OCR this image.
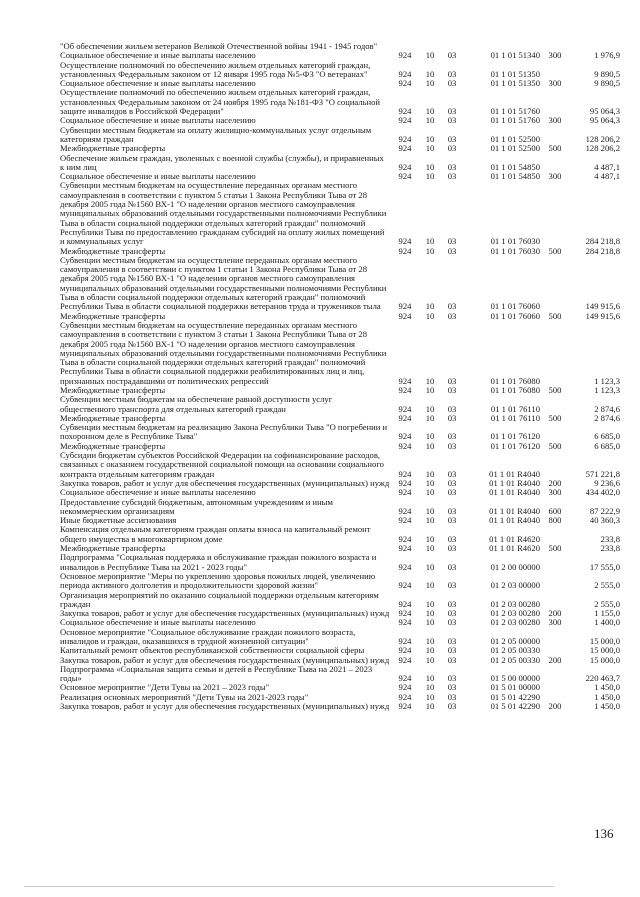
"Об обеспечении жильем ветеранов Великой Отечественной войны 1941 - 1945 годов"						
Социальное обеспечение и иные выплаты населению	924	10	03	01 1 01 51340	300	1 976,9
Осуществление полномочий по обеспечению жильем отдельных категорий граждан, установленных Федеральным законом от 12 января 1995 года №5-ФЗ "О ветеранах"	924	10	03	01 1 01 51350		9 890,5
Социальное обеспечение и иные выплаты населению	924	10	03	01 1 01 51350	300	9 890,5
Осуществление полномочий по обеспечению жильем отдельных категорий граждан, установленных Федеральным законом от 24 ноября 1995 года №181-ФЗ "О социальной защите инвалидов в Российской Федерации"	924	10	03	01 1 01 51760		95 064,3
Социальное обеспечение и иные выплаты населению	924	10	03	01 1 01 51760	300	95 064,3
Субвенции местным бюджетам на оплату жилищно-коммунальных услуг отдельным категориям граждан	924	10	03	01 1 01 52500		128 206,2
Межбюджетные трансферты	924	10	03	01 1 01 52500	500	128 206,2
Обеспечение жильем граждан, уволенных с военной службы (службы), и приравненных к ним лиц	924	10	03	01 1 01 54850		4 487,1
Социальное обеспечение и иные выплаты населению	924	10	03	01 1 01 54850	300	4 487,1
Субвенции местным бюджетам на осуществление переданных органам местного самоуправления в соответствии с пунктом 5 статьи 1 Закона Республики Тыва от 28 декабря 2005 года №1560 ВХ-1 "О наделении органов местного самоуправления муниципальных образований отдельными государственными полномочиями Республики Тыва в области социальной поддержки отдельных категорий граждан" полномочий Республики Тыва по предоставлению гражданам субсидий на оплату жилых помещений и коммунальных услуг	924	10	03	01 1 01 76030		284 218,8
Межбюджетные трансферты	924	10	03	01 1 01 76030	500	284 218,8
Субвенции местным бюджетам на осуществление переданных органам местного самоуправления в соответствии с пунктом 1 статьи 1 Закона Республики Тыва от 28 декабря 2005 года №1560 ВХ-1 "О наделении органов местного самоуправления муниципальных образований отдельными государственными полномочиями Республики Тыва в области социальной поддержки отдельных категорий граждан" полномочий Республики Тыва в области социальной поддержки ветеранов труда и тружеников тыла	924	10	03	01 1 01 76060		149 915,6
Межбюджетные трансферты	924	10	03	01 1 01 76060	500	149 915,6
Субвенции местным бюджетам на осуществление переданных органам местного самоуправления в соответствии с пунктом 3 статьи 1 Закона Республики Тыва от 28 декабря 2005 года №1560 ВХ-1 "О наделении органов местного самоуправления муниципальных образований отдельными государственными полномочиями Республики Тыва в области социальной поддержки отдельных категорий граждан" полномочий Республики Тыва в области социальной поддержки реабилитированных лиц и лиц, признанных пострадавшими от политических репрессий	924	10	03	01 1 01 76080		1 123,3
Межбюджетные трансферты	924	10	03	01 1 01 76080	500	1 123,3
Субвенции местным бюджетам на обеспечение равной доступности услуг общественного транспорта для отдельных категорий граждан	924	10	03	01 1 01 76110		2 874,6
Межбюджетные трансферты	924	10	03	01 1 01 76110	500	2 874,6
Субвенции местным бюджетам на реализацию Закона Республики Тыва "О погребении и похоронном деле в Республике Тыва"	924	10	03	01 1 01 76120		6 685,0
Межбюджетные трансферты	924	10	03	01 1 01 76120	500	6 685,0
Субсидии бюджетам субъектов Российской Федерации на софинансирование расходов, связанных с оказанием государственной социальной помощи на основании социального контракта отдельным категориям граждан	924	10	03	01 1 01 R4040		571 221,8
Закупка товаров, работ и услуг для обеспечения государственных (муниципальных) нужд	924	10	03	01 1 01 R4040	200	9 236,6
Социальное обеспечение и иные выплаты населению	924	10	03	01 1 01 R4040	300	434 402,0
Предоставление субсидий бюджетным, автономным учреждениям и иным некоммерческим организациям	924	10	03	01 1 01 R4040	600	87 222,9
Иные бюджетные ассигнования	924	10	03	01 1 01 R4040	800	40 360,3
Компенсация отдельным категориям граждан оплаты взноса на капитальный ремонт общего имущества в многоквартирном доме	924	10	03	01 1 01 R4620		233,8
Межбюджетные трансферты	924	10	03	01 1 01 R4620	500	233,8
Подпрограмма "Социальная поддержка и обслуживание граждан пожилого возраста и инвалидов в Республике Тыва на 2021 - 2023 годы"	924	10	03	01 2 00 00000		17 555,0
Основное мероприятие "Меры по укреплению здоровья пожилых людей, увеличению периода активного долголетия и продолжительности здоровой жизни"	924	10	03	01 2 03 00000		2 555,0
Организация мероприятий по оказанию социальной поддержки отдельным категориям граждан	924	10	03	01 2 03 00280		2 555,0
Закупка товаров, работ и услуг для обеспечения государственных (муниципальных) нужд	924	10	03	01 2 03 00280	200	1 155,0
Социальное обеспечение и иные выплаты населению	924	10	03	01 2 03 00280	300	1 400,0
Основное мероприятие "Социальное обслуживание граждан пожилого возраста, инвалидов и граждан, оказавшихся в трудной жизненной ситуации"	924	10	03	01 2 05 00000		15 000,0
Капитальный ремонт объектов республиканской собственности социальной сферы	924	10	03	01 2 05 00330		15 000,0
Закупка товаров, работ и услуг для обеспечения государственных (муниципальных) нужд	924	10	03	01 2 05 00330	200	15 000,0
Подпрограмма «Социальная защита семьи и детей в Республике Тыва на 2021 – 2023 годы»	924	10	03	01 5 00 00000		220 463,7
Основное мероприятие "Дети Тувы на 2021 – 2023 годы"	924	10	03	01 5 01 00000		1 450,0
Реализация основных мероприятий "Дети Тувы на 2021-2023 годы"	924	10	03	01 5 01 42290		1 450,0
Закупка товаров, работ и услуг для обеспечения государственных (муниципальных) нужд	924	10	03	01 5 01 42290	200	1 450,0
136
